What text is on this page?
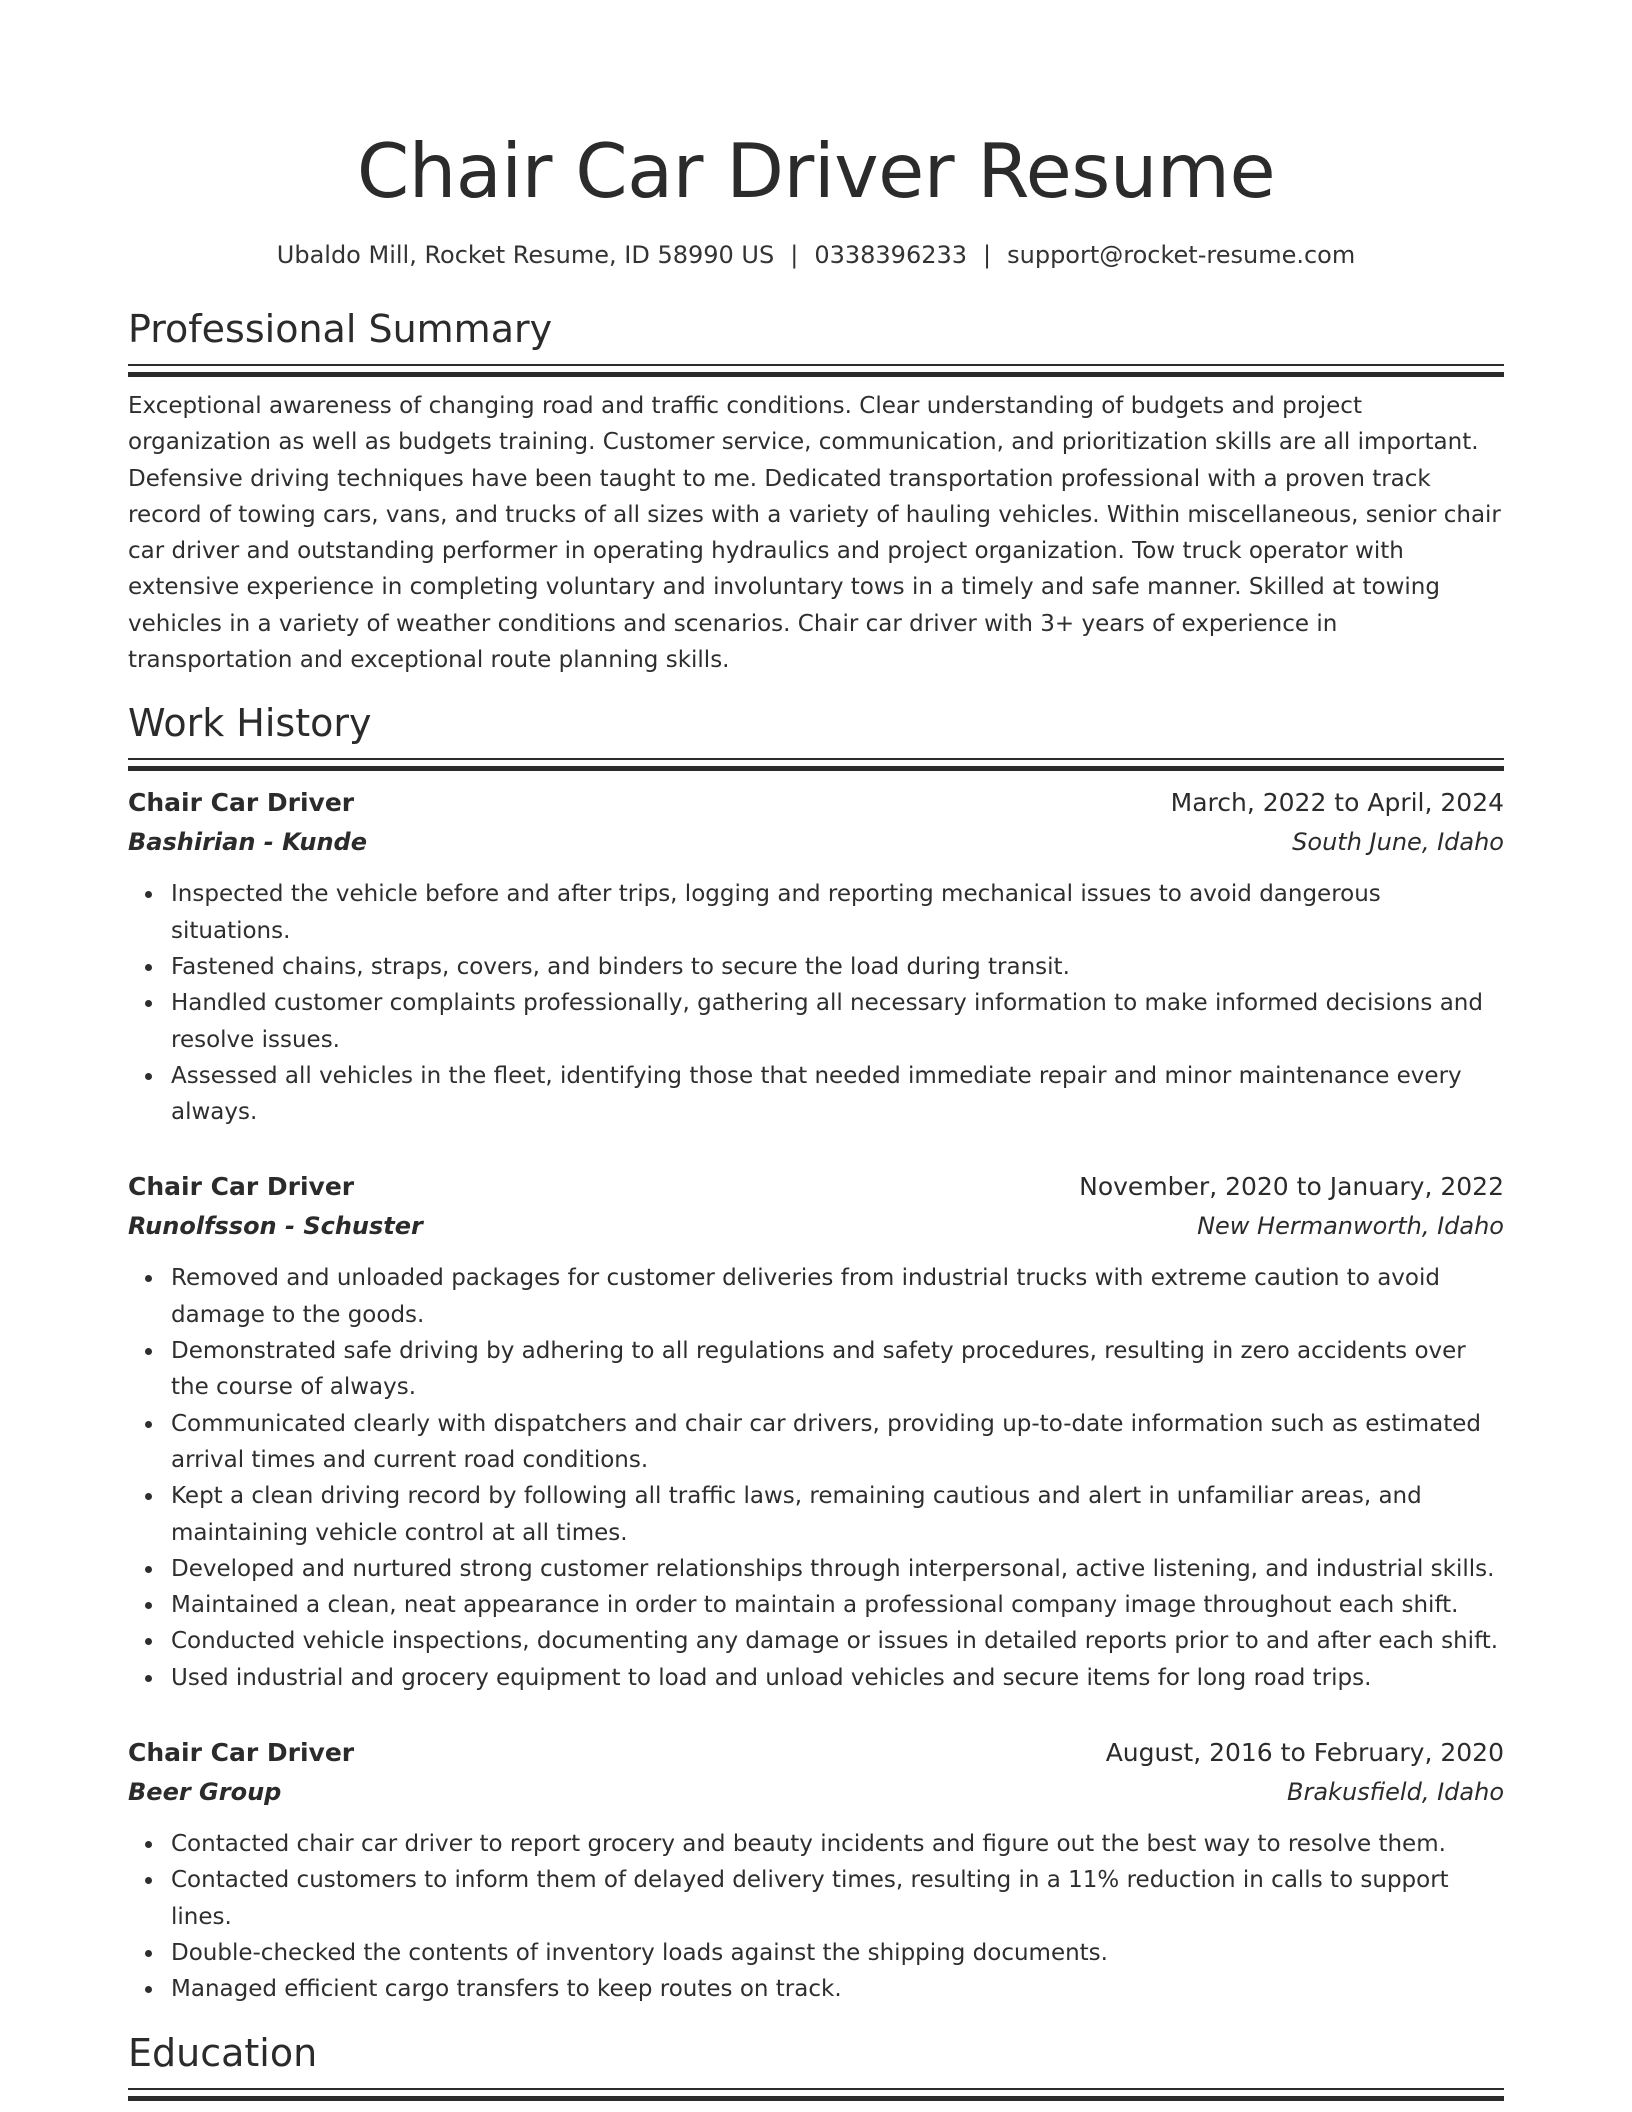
Chair Car Driver Resume
Ubaldo Mill, Rocket Resume, ID 58990 US | 0338396233 | support@rocket-resume.com
Professional Summary

Exceptional awareness of changing road and traffic conditions. Clear understanding of budgets and project organization as well as budgets training. Customer service, communication, and prioritization skills are all important. Defensive driving techniques have been taught to me. Dedicated transportation professional with a proven track record of towing cars, vans, and trucks of all sizes with a variety of hauling vehicles. Within miscellaneous, senior chair car driver and outstanding performer in operating hydraulics and project organization. Tow truck operator with extensive experience in completing voluntary and involuntary tows in a timely and safe manner. Skilled at towing vehicles in a variety of weather conditions and scenarios. Chair car driver with 3+ years of experience in transportation and exceptional route planning skills.

Work History
Chair Car Driver	March, 2022 to April, 2024
Bashirian - Kunde	South June, Idaho
Inspected the vehicle before and after trips, logging and reporting mechanical issues to avoid dangerous situations.
Fastened chains, straps, covers, and binders to secure the load during transit.
Handled customer complaints professionally, gathering all necessary information to make informed decisions and resolve issues.
Assessed all vehicles in the fleet, identifying those that needed immediate repair and minor maintenance every always.
Chair Car Driver	November, 2020 to January, 2022
Runolfsson - Schuster	New Hermanworth, Idaho
Removed and unloaded packages for customer deliveries from industrial trucks with extreme caution to avoid damage to the goods.
Demonstrated safe driving by adhering to all regulations and safety procedures, resulting in zero accidents over the course of always.
Communicated clearly with dispatchers and chair car drivers, providing up-to-date information such as estimated arrival times and current road conditions.
Kept a clean driving record by following all traffic laws, remaining cautious and alert in unfamiliar areas, and maintaining vehicle control at all times.
Developed and nurtured strong customer relationships through interpersonal, active listening, and industrial skills.
Maintained a clean, neat appearance in order to maintain a professional company image throughout each shift.
Conducted vehicle inspections, documenting any damage or issues in detailed reports prior to and after each shift.
Used industrial and grocery equipment to load and unload vehicles and secure items for long road trips.
Chair Car Driver	August, 2016 to February, 2020
Beer Group	Brakusfield, Idaho
Contacted chair car driver to report grocery and beauty incidents and figure out the best way to resolve them.
Contacted customers to inform them of delayed delivery times, resulting in a 11% reduction in calls to support lines.
Double-checked the contents of inventory loads against the shipping documents.
Managed efficient cargo transfers to keep routes on track.
Education
